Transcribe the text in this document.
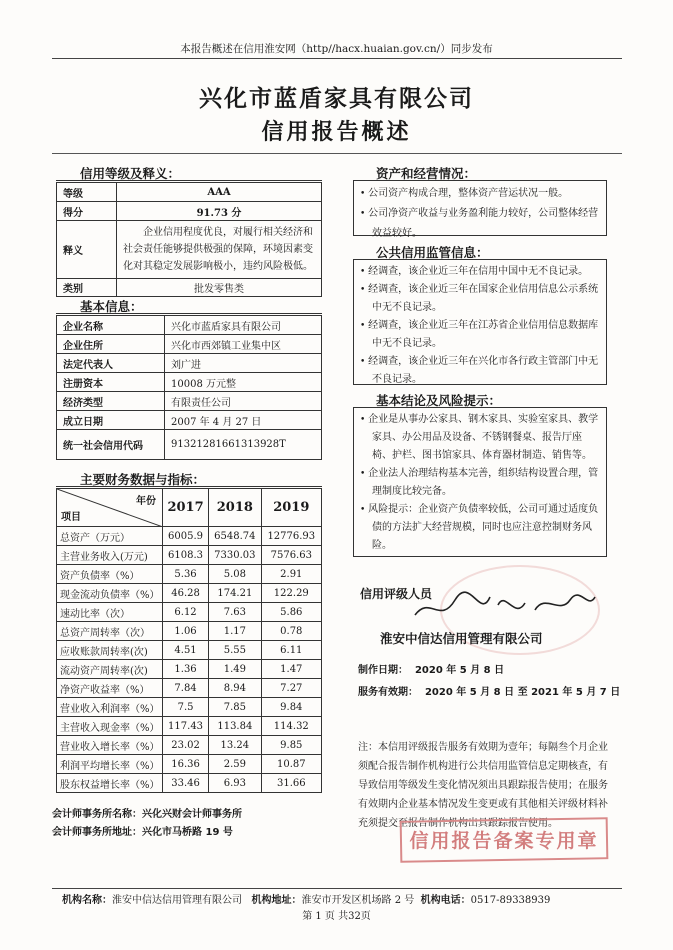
本报告概述在信用淮安网（http//hacx.huaian.gov.cn/）同步发布
兴化市蓝盾家具有限公司
信用报告概述
信用等级及释义：
等级	AAA
得分	91.73 分
释义	企业信用程度优良，对履行相关经济和社会责任能够提供极强的保障，环境因素变化对其稳定发展影响极小，违约风险极低。
类别	批发零售类
基本信息：
企业名称	兴化市蓝盾家具有限公司
企业住所	兴化市西郊镇工业集中区
法定代表人	刘广进
注册资本	10008 万元整
经济类型	有限责任公司
成立日期	2007 年 4 月 27 日
统一社会信用代码	91321281661313928T
主要财务数据与指标：
年份
项目	2017	2018	2019
总资产（万元）	6005.9	6548.74	12776.93
主营业务收入(万元)	6108.3	7330.03	7576.63
资产负债率（%）	5.36	5.08	2.91
现金流动负债率（%）	46.28	174.21	122.29
速动比率（次）	6.12	7.63	5.86
总资产周转率（次）	1.06	1.17	0.78
应收账款周转率(次)	4.51	5.55	6.11
流动资产周转率(次)	1.36	1.49	1.47
净资产收益率（%）	7.84	8.94	7.27
营业收入利润率（%）	7.5	7.85	9.84
主营收入现金率（%）	117.43	113.84	114.32
营业收入增长率（%）	23.02	13.24	9.85
利润平均增长率（%）	16.36	2.59	10.87
股东权益增长率（%）	33.46	6.93	31.66
会计师事务所名称：兴化兴财会计师事务所
会计师事务所地址：兴化市马桥路 19 号
资产和经营情况：

• 公司资产构成合理，整体资产营运状况一般。

• 公司净资产收益与业务盈利能力较好，公司整体经营效益较好。

公共信用监管信息：

• 经调查，该企业近三年在信用中国中无不良记录。

• 经调查，该企业近三年在国家企业信用信息公示系统中无不良记录。

• 经调查，该企业近三年在江苏省企业信用信息数据库中无不良记录。

• 经调查，该企业近三年在兴化市各行政主管部门中无不良记录。

基本结论及风险提示：

• 企业是从事办公家具、钢木家具、实验室家具、教学家具、办公用品及设备、不锈钢餐桌、报告厅座椅、护栏、图书馆家具、体育器材制造、销售等。

• 企业法人治理结构基本完善，组织结构设置合理，管理制度比较完备。

• 风险提示：企业资产负债率较低，公司可通过适度负债的方法扩大经营规模，同时也应注意控制财务风险。

信用评级人员
淮安中信达信用管理有限公司
制作日期： 2020 年 5 月 8 日
服务有效期： 2020 年 5 月 8 日 至 2021 年 5 月 7 日
注：本信用评级报告服务有效期为壹年；每隔叁个月企业须配合报告制作机构进行公共信用监管信息定期核查，有导致信用等级发生变化情况须出具跟踪报告使用；在服务有效期内企业基本情况发生变更或有其他相关评级材料补充须提交至报告制作机构出具跟踪报告使用。
信用报告备案专用章
机构名称：淮安中信达信用管理有限公司 机构地址：淮安市开发区机场路 2 号 机构电话：0517-89338939
第 1 页 共32页
